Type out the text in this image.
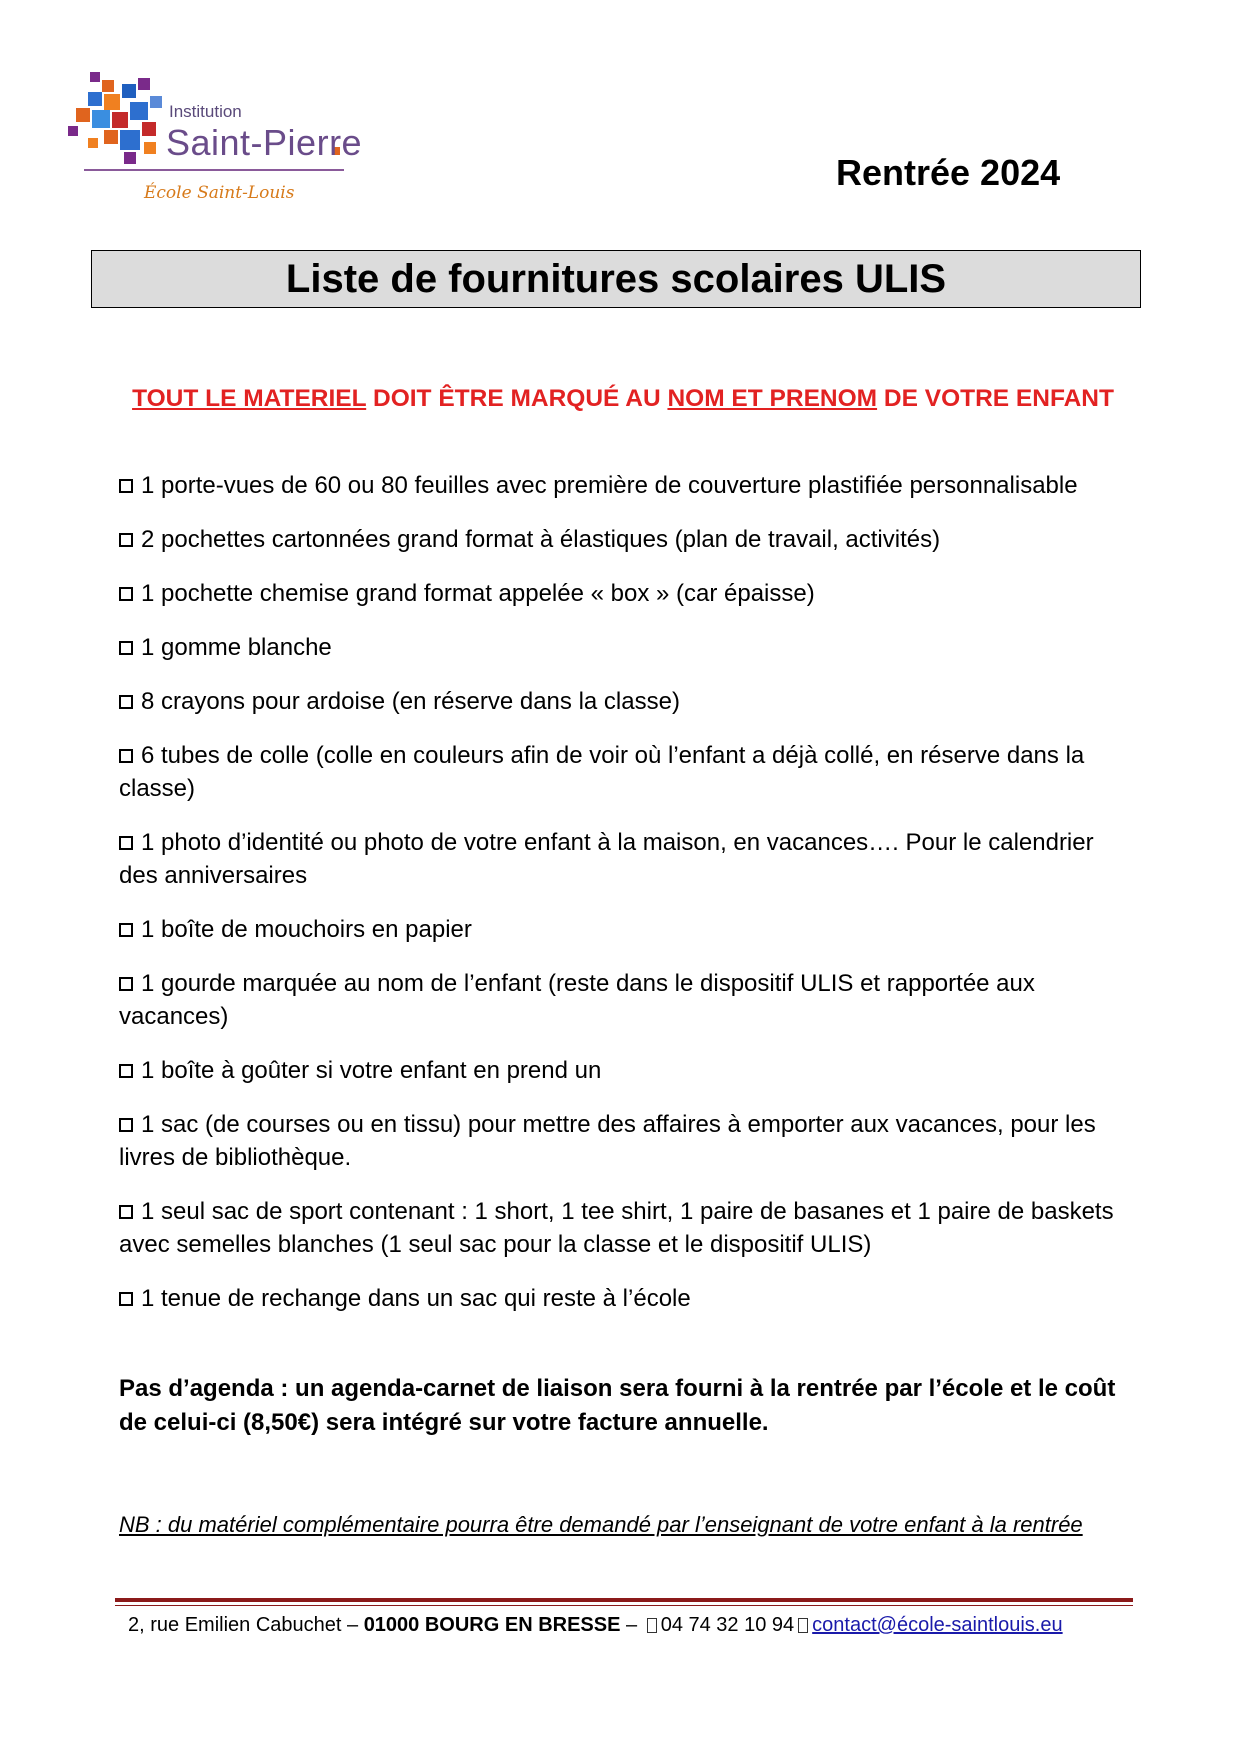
Institution
Saint-Pierre
École Saint-Louis	Rentrée 2024
Liste de fournitures scolaires ULIS
TOUT LE MATERIEL DOIT ÊTRE MARQUÉ AU NOM ET PRENOM DE VOTRE ENFANT
1 porte-vues de 60 ou 80 feuilles avec première de couverture plastifiée personnalisable
2 pochettes cartonnées grand format à élastiques (plan de travail, activités)
1 pochette chemise grand format appelée « box » (car épaisse)
1 gomme blanche
8 crayons pour ardoise (en réserve dans la classe)
6 tubes de colle (colle en couleurs afin de voir où l’enfant a déjà collé, en réserve dans la   classe)
1 photo d’identité ou photo de votre enfant à la maison, en vacances…. Pour le calendrier des anniversaires
1 boîte de mouchoirs en papier
1 gourde marquée au nom de l’enfant (reste dans le dispositif ULIS et rapportée aux vacances)
1 boîte à goûter si votre enfant en prend un
1 sac (de courses ou en tissu) pour mettre des affaires à emporter aux vacances, pour les livres de bibliothèque.
1 seul sac de sport contenant : 1 short, 1 tee shirt, 1 paire de basanes et 1 paire de baskets avec semelles blanches (1 seul sac pour la classe et le dispositif ULIS)
1 tenue de rechange dans un sac qui reste à l’école
Pas d’agenda : un agenda-carnet de liaison sera fourni à la rentrée par l’école et le coût de celui-ci (8,50€) sera intégré sur votre facture annuelle.
NB : du matériel complémentaire pourra être demandé par l’enseignant de votre enfant à la rentrée
2, rue Emilien Cabuchet – 01000 BOURG EN BRESSE – 04 74 32 10 94 contact@école-saintlouis.eu
